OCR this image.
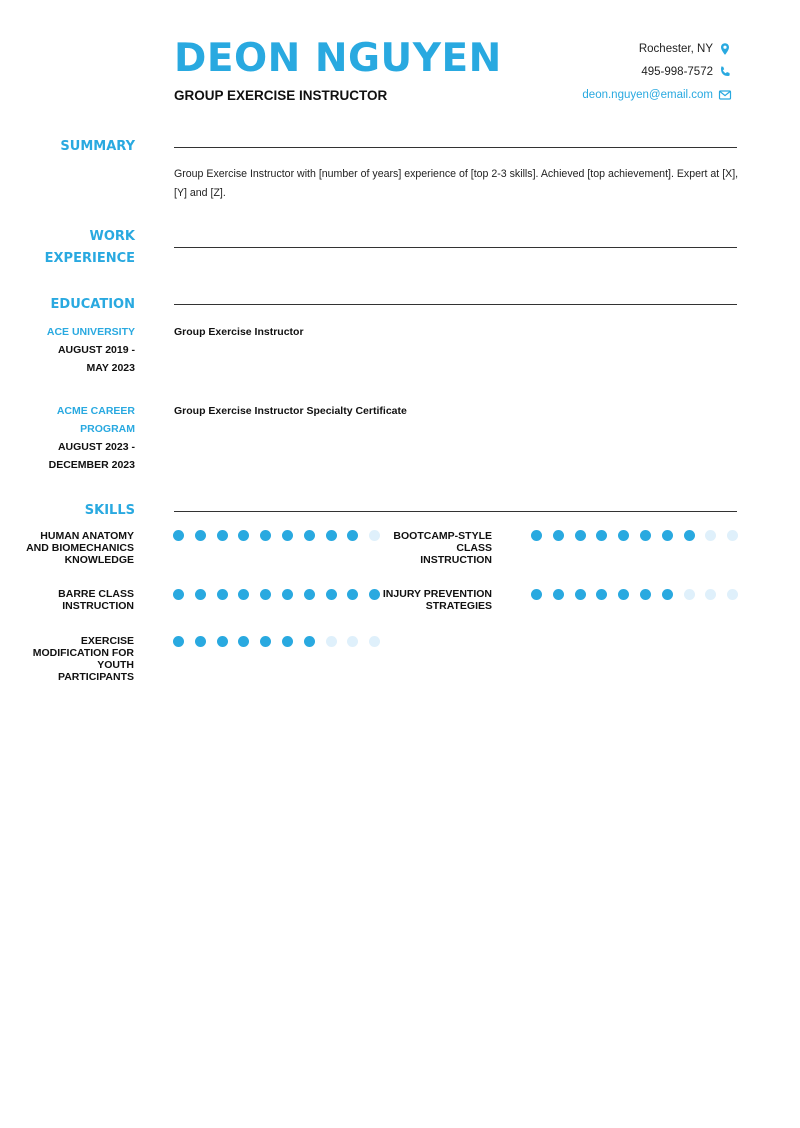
DEON NGUYEN
GROUP EXERCISE INSTRUCTOR
Rochester, NY
495-998-7572
deon.nguyen@email.com
SUMMARY
Group Exercise Instructor with [number of years] experience of [top 2-3 skills]. Achieved [top achievement]. Expert at [X], [Y] and [Z].
WORK
EXPERIENCE
EDUCATION
ACE UNIVERSITY
AUGUST 2019 - MAY 2023
Group Exercise Instructor
ACME CAREER PROGRAM
AUGUST 2023 - DECEMBER 2023
Group Exercise Instructor Specialty Certificate
SKILLS
HUMAN ANATOMY AND BIOMECHANICS KNOWLEDGE
BOOTCAMP-STYLE CLASS INSTRUCTION
BARRE CLASS INSTRUCTION
INJURY PREVENTION STRATEGIES
EXERCISE MODIFICATION FOR YOUTH PARTICIPANTS
